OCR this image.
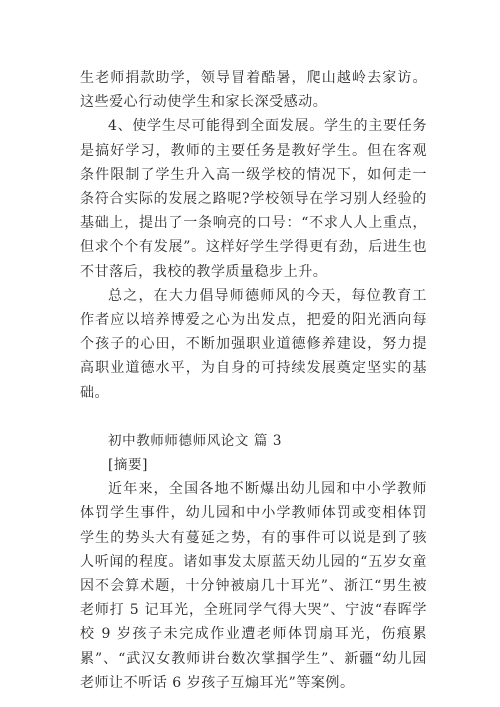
生老师捐款助学，领导冒着酷暑，爬山越岭去家访。这些爱心行动使学生和家长深受感动。

4、使学生尽可能得到全面发展。学生的主要任务是搞好学习，教师的主要任务是教好学生。但在客观条件限制了学生升入高一级学校的情况下，如何走一条符合实际的发展之路呢?学校领导在学习别人经验的基础上，提出了一条响亮的口号：“不求人人上重点，但求个个有发展”。这样好学生学得更有劲，后进生也不甘落后，我校的教学质量稳步上升。

总之，在大力倡导师德师风的今天，每位教育工作者应以培养博爱之心为出发点，把爱的阳光洒向每个孩子的心田，不断加强职业道德修养建设，努力提高职业道德水平，为自身的可持续发展奠定坚实的基础。

初中教师师德师风论文 篇 3

[摘要]

近年来，全国各地不断爆出幼儿园和中小学教师体罚学生事件，幼儿园和中小学教师体罚或变相体罚学生的势头大有蔓延之势，有的事件可以说是到了骇人听闻的程度。诸如事发太原蓝天幼儿园的“五岁女童因不会算术题，十分钟被扇几十耳光”、浙江“男生被老师打 5 记耳光，全班同学气得大哭”、宁波“春晖学校 9 岁孩子未完成作业遭老师体罚扇耳光，伤痕累累”、“武汉女教师讲台数次掌掴学生”、新疆“幼儿园老师让不听话 6 岁孩子互煽耳光”等案例。
